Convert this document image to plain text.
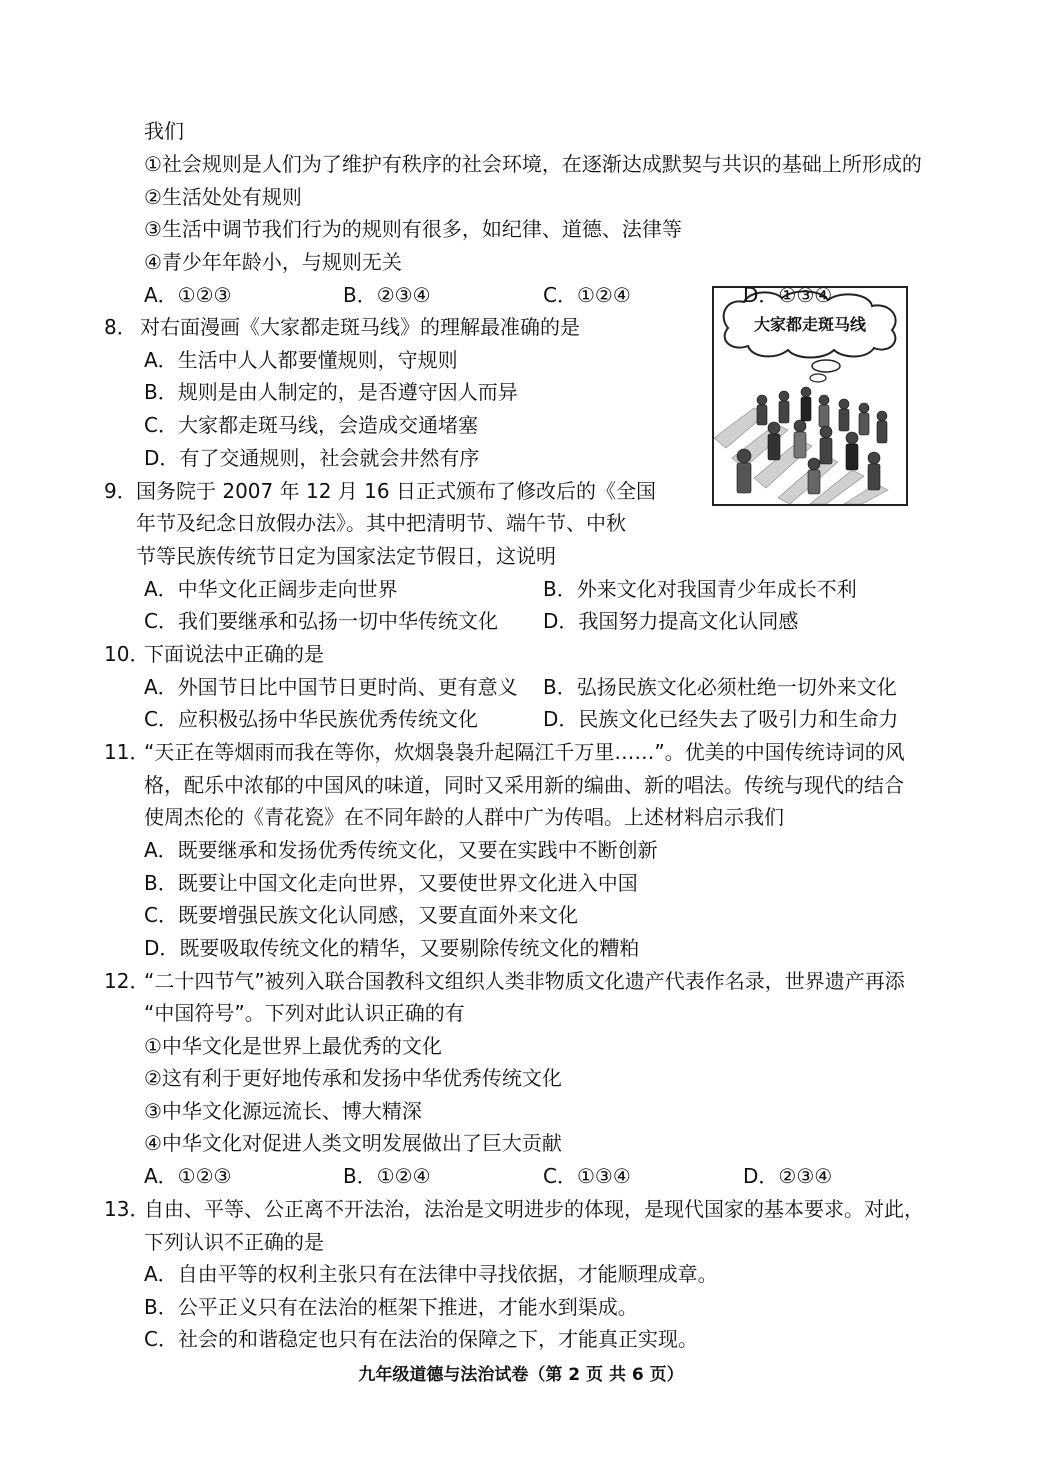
我们
①社会规则是人们为了维护有秩序的社会环境，在逐渐达成默契与共识的基础上所形成的
②生活处处有规则
③生活中调节我们行为的规则有很多，如纪律、道德、法律等
④青少年年龄小，与规则无关
A．①②③	B．②③④	C．①②④	D．①③④
大家都走斑马线
8． 对右面漫画《大家都走斑马线》的理解最准确的是
A．生活中人人都要懂规则，守规则
B．规则是由人制定的，是否遵守因人而异
C．大家都走斑马线，会造成交通堵塞
D．有了交通规则，社会就会井然有序
9． 国务院于 2007 年 12 月 16 日正式颁布了修改后的《全国
年节及纪念日放假办法》。其中把清明节、端午节、中秋
节等民族传统节日定为国家法定节假日，这说明
A．中华文化正阔步走向世界	B．外来文化对我国青少年成长不利
C．我们要继承和弘扬一切中华传统文化 D．我国努力提高文化认同感
10．
下面说法中正确的是
A．外国节日比中国节日更时尚、更有意义 B．弘扬民族文化必须杜绝一切外来文化
C．应积极弘扬中华民族优秀传统文化	D．民族文化已经失去了吸引力和生命力
11．
“天正在等烟雨而我在等你，炊烟袅袅升起隔江千万里……”。优美的中国传统诗词的风
格，配乐中浓郁的中国风的味道，同时又采用新的编曲、新的唱法。传统与现代的结合
使周杰伦的《青花瓷》在不同年龄的人群中广为传唱。上述材料启示我们
A．既要继承和发扬优秀传统文化，又要在实践中不断创新
B．既要让中国文化走向世界，又要使世界文化进入中国
C．既要增强民族文化认同感，又要直面外来文化
D．既要吸取传统文化的精华，又要剔除传统文化的糟粕
12．
“二十四节气”被列入联合国教科文组织人类非物质文化遗产代表作名录，世界遗产再添
“中国符号”。下列对此认识正确的有
①中华文化是世界上最优秀的文化
②这有利于更好地传承和发扬中华优秀传统文化
③中华文化源远流长、博大精深
④中华文化对促进人类文明发展做出了巨大贡献
A．①②③	B．①②④	C．①③④	D．②③④
13．
自由、平等、公正离不开法治，法治是文明进步的体现，是现代国家的基本要求。对此，
下列认识不正确的是
A．自由平等的权利主张只有在法律中寻找依据，才能顺理成章。
B．公平正义只有在法治的框架下推进，才能水到渠成。
C．社会的和谐稳定也只有在法治的保障之下，才能真正实现。
九年级道德与法治试卷（第 2 页 共 6 页）
